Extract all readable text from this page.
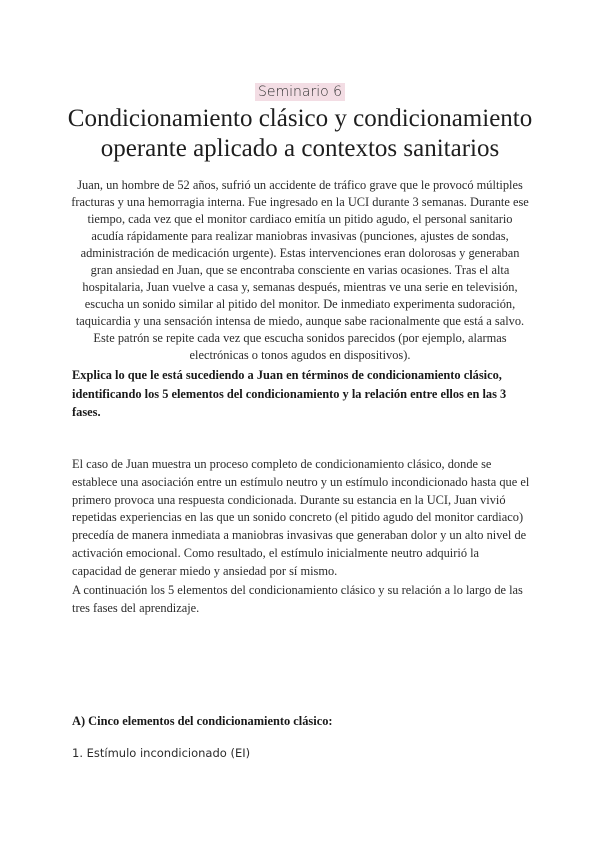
Seminario 6
Condicionamiento clásico y condicionamiento operante aplicado a contextos sanitarios

Juan, un hombre de 52 años, sufrió un accidente de tráfico grave que le provocó múltiples fracturas y una hemorragia interna. Fue ingresado en la UCI durante 3 semanas. Durante ese tiempo, cada vez que el monitor cardiaco emitía un pitido agudo, el personal sanitario acudía rápidamente para realizar maniobras invasivas (punciones, ajustes de sondas, administración de medicación urgente). Estas intervenciones eran dolorosas y generaban gran ansiedad en Juan, que se encontraba consciente en varias ocasiones. Tras el alta hospitalaria, Juan vuelve a casa y, semanas después, mientras ve una serie en televisión, escucha un sonido similar al pitido del monitor. De inmediato experimenta sudoración, taquicardia y una sensación intensa de miedo, aunque sabe racionalmente que está a salvo. Este patrón se repite cada vez que escucha sonidos parecidos (por ejemplo, alarmas electrónicas o tonos agudos en dispositivos).

Explica lo que le está sucediendo a Juan en términos de condicionamiento clásico, identificando los 5 elementos del condicionamiento y la relación entre ellos en las 3 fases.

El caso de Juan muestra un proceso completo de condicionamiento clásico, donde se establece una asociación entre un estímulo neutro y un estímulo incondicionado hasta que el primero provoca una respuesta condicionada. Durante su estancia en la UCI, Juan vivió repetidas experiencias en las que un sonido concreto (el pitido agudo del monitor cardiaco) precedía de manera inmediata a maniobras invasivas que generaban dolor y un alto nivel de activación emocional. Como resultado, el estímulo inicialmente neutro adquirió la capacidad de generar miedo y ansiedad por sí mismo.

A continuación los 5 elementos del condicionamiento clásico y su relación a lo largo de las tres fases del aprendizaje.

A) Cinco elementos del condicionamiento clásico:

1. Estímulo incondicionado (EI)
